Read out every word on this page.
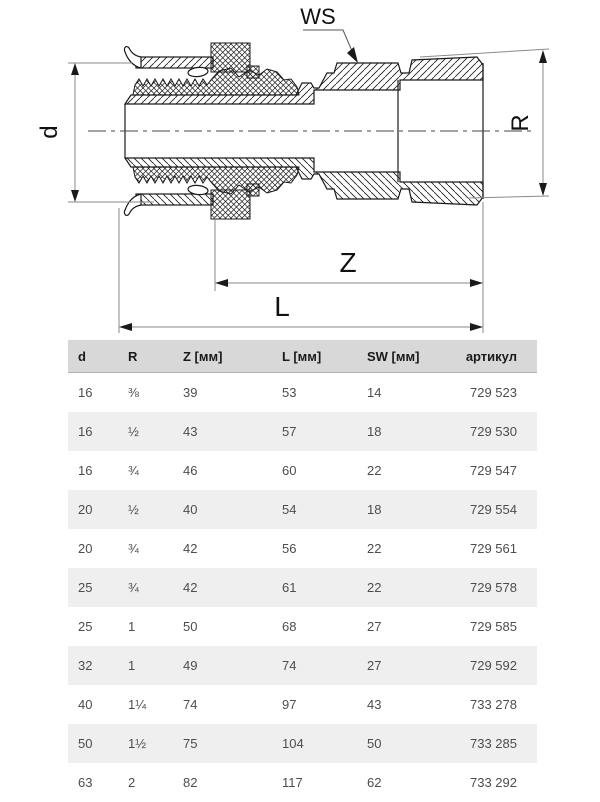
WS
d
R
Z
L
d	R	Z [мм]	L [мм]	SW [мм]	артикул
16	⅜	39	53	14	729 523
16	½	43	57	18	729 530
16	¾	46	60	22	729 547
20	½	40	54	18	729 554
20	¾	42	56	22	729 561
25	¾	42	61	22	729 578
25	1	50	68	27	729 585
32	1	49	74	27	729 592
40	1¼	74	97	43	733 278
50	1½	75	104	50	733 285
63	2	82	117	62	733 292
